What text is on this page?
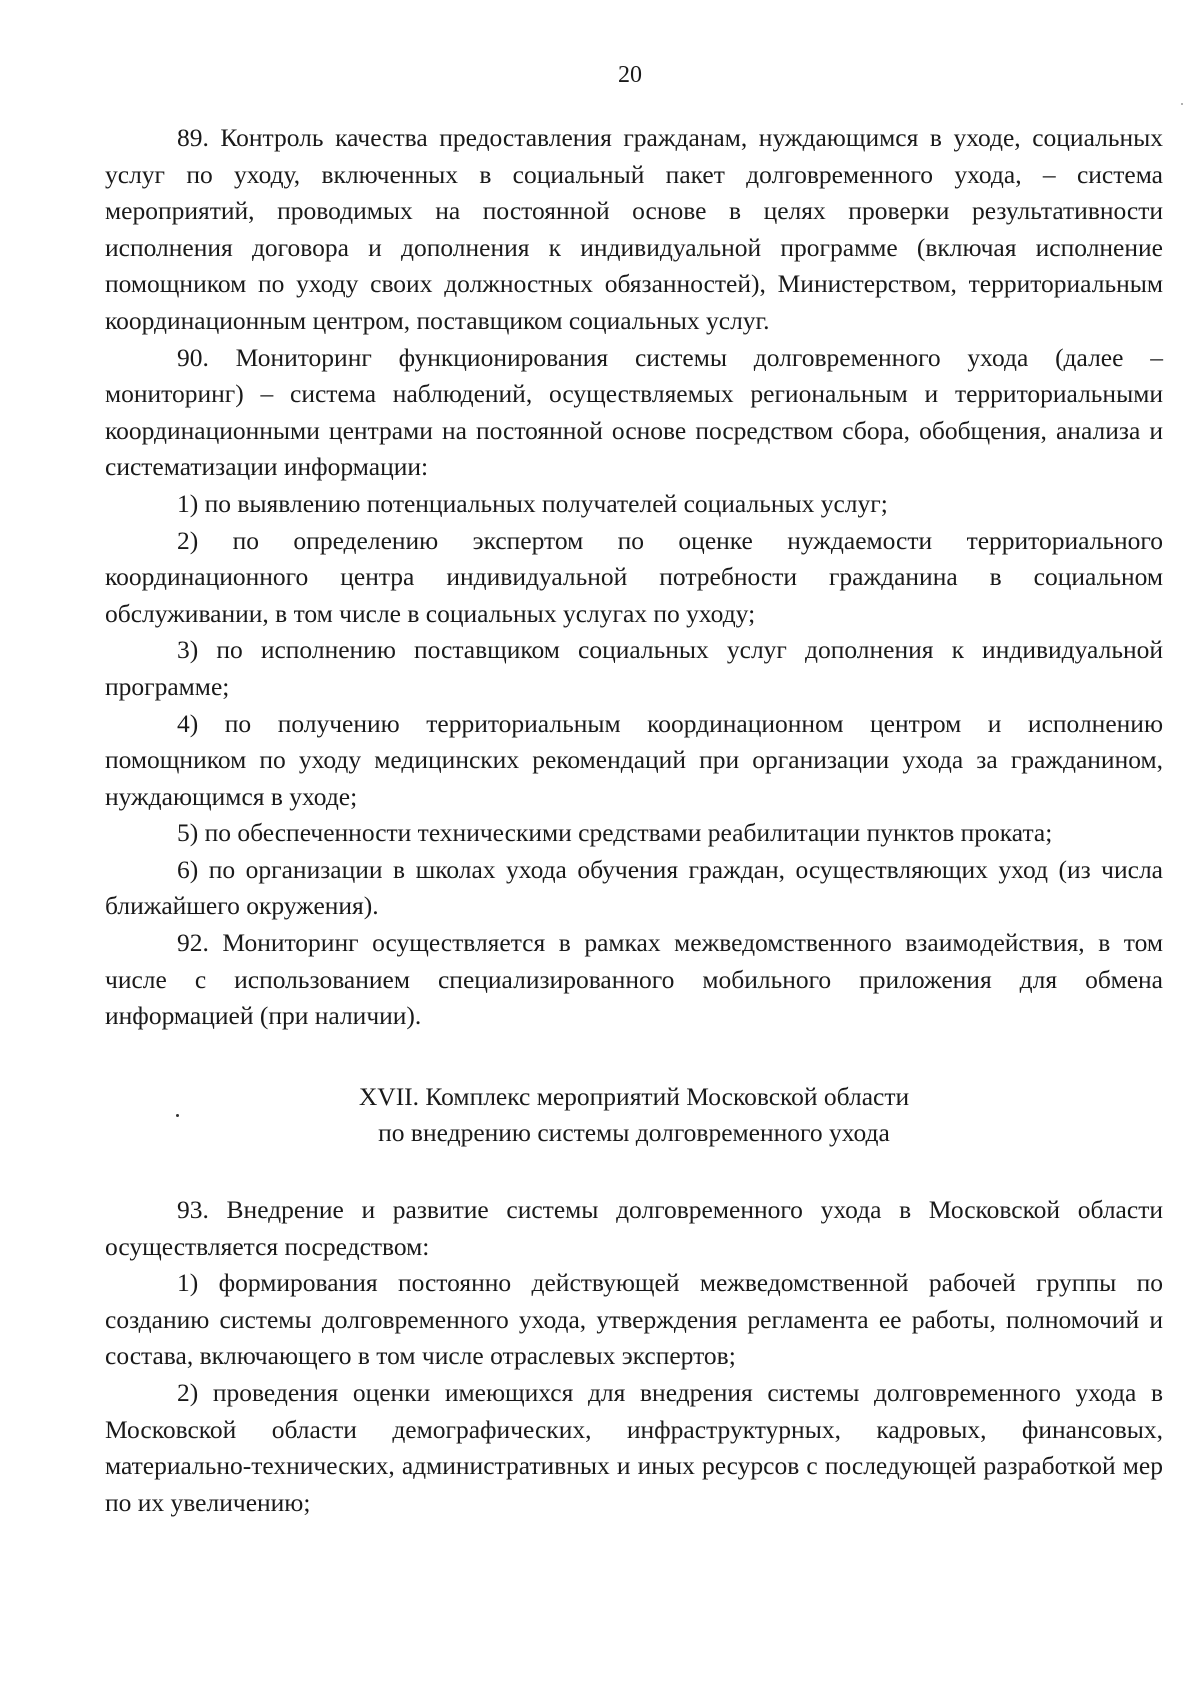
20

89. Контроль качества предоставления гражданам, нуждающимся в уходе, социальных услуг по уходу, включенных в социальный пакет долговременного ухода, – система мероприятий, проводимых на постоянной основе в целях проверки результативности исполнения договора и дополнения к индивидуальной программе (включая исполнение помощником по уходу своих должностных обязанностей), Министерством, территориальным координационным центром, поставщиком социальных услуг.

90. Мониторинг функционирования системы долговременного ухода (далее – мониторинг) – система наблюдений, осуществляемых региональным и территориальными координационными центрами на постоянной основе посредством сбора, обобщения, анализа и систематизации информации:

1) по выявлению потенциальных получателей социальных услуг;

2) по определению экспертом по оценке нуждаемости территориального координационного центра индивидуальной потребности гражданина в социальном обслуживании, в том числе в социальных услугах по уходу;

3) по исполнению поставщиком социальных услуг дополнения к индивидуальной программе;

4) по получению территориальным координационном центром и исполнению помощником по уходу медицинских рекомендаций при организации ухода за гражданином, нуждающимся в уходе;

5) по обеспеченности техническими средствами реабилитации пунктов проката;

6) по организации в школах ухода обучения граждан, осуществляющих уход (из числа ближайшего окружения).

92. Мониторинг осуществляется в рамках межведомственного взаимодействия, в том числе с использованием специализированного мобильного приложения для обмена информацией (при наличии).

XVII. Комплекс мероприятий Московской области
по внедрению системы долговременного ухода

93. Внедрение и развитие системы долговременного ухода в Московской области осуществляется посредством:

1) формирования постоянно действующей межведомственной рабочей группы по созданию системы долговременного ухода, утверждения регламента ее работы, полномочий и состава, включающего в том числе отраслевых экспертов;

2) проведения оценки имеющихся для внедрения системы долговременного ухода в Московской области демографических, инфраструктурных, кадровых, финансовых, материально-технических, административных и иных ресурсов с последующей разработкой мер по их увеличению;
